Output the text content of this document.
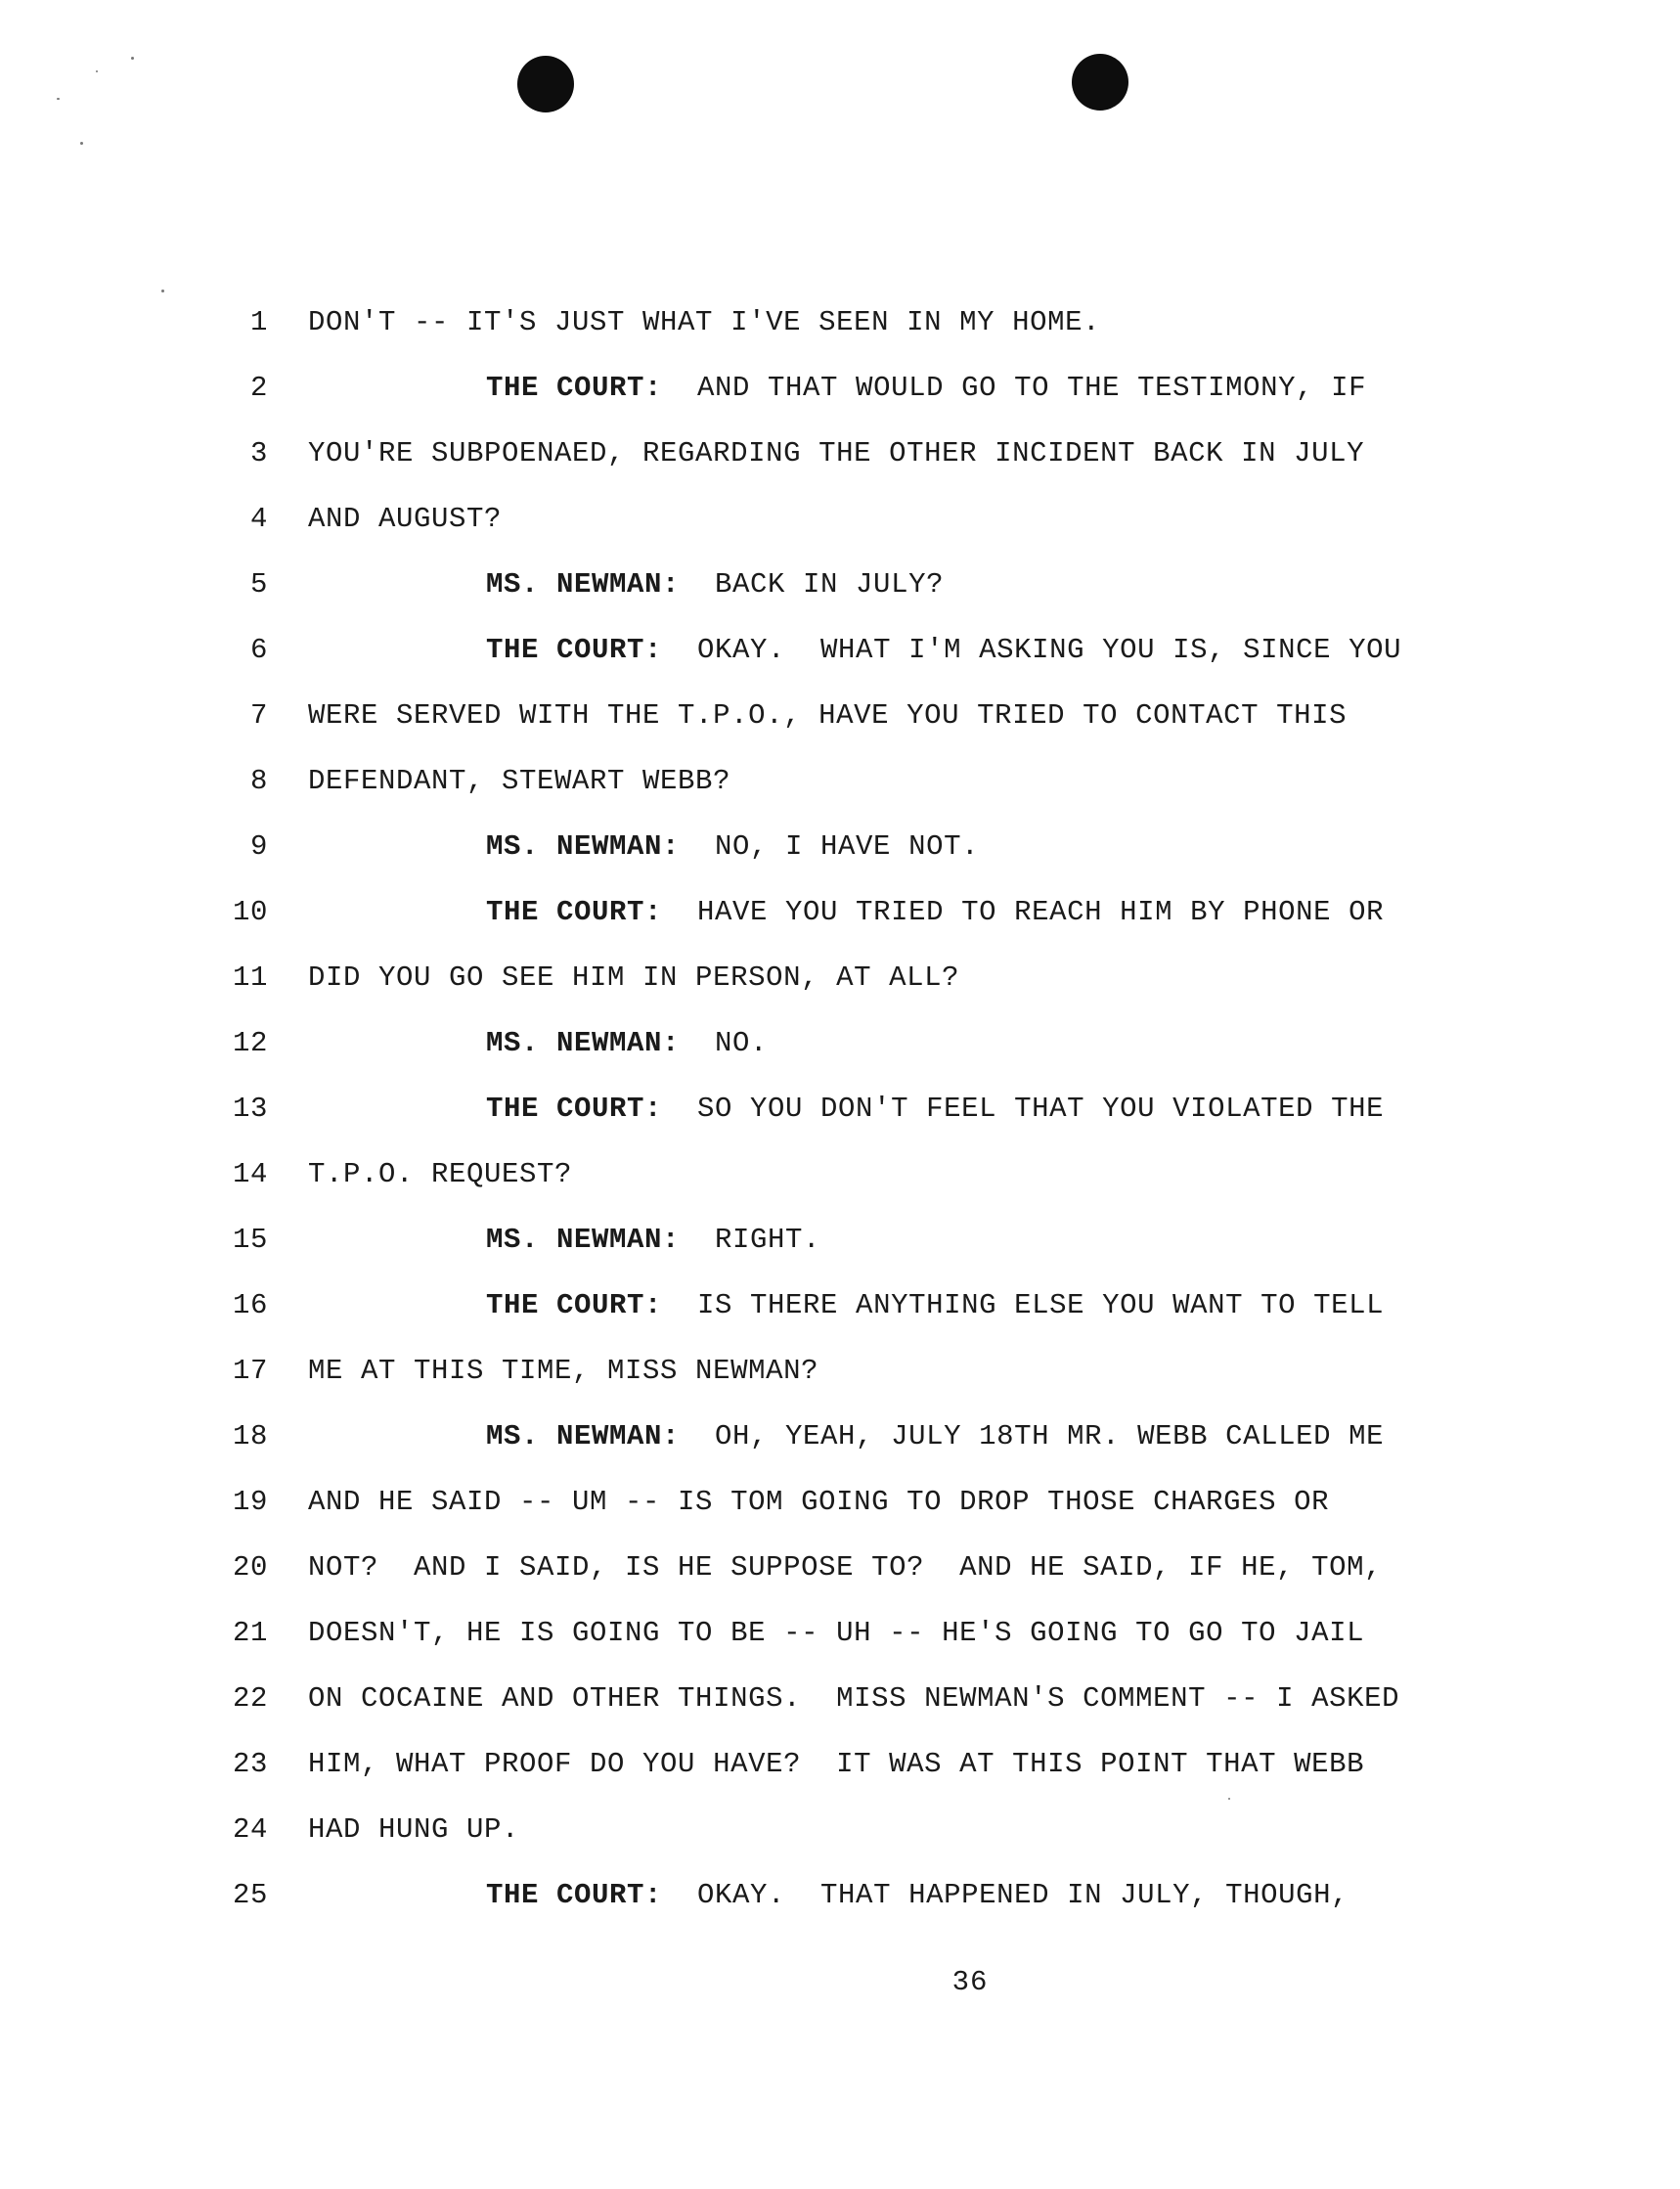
1 DON'T -- IT'S JUST WHAT I'VE SEEN IN MY HOME.
2	THE COURT:  AND THAT WOULD GO TO THE TESTIMONY, IF
3 YOU'RE SUBPOENAED, REGARDING THE OTHER INCIDENT BACK IN JULY
4 AND AUGUST?
5	MS. NEWMAN:  BACK IN JULY?
6	THE COURT:  OKAY.  WHAT I'M ASKING YOU IS, SINCE YOU
7 WERE SERVED WITH THE T.P.O., HAVE YOU TRIED TO CONTACT THIS
8 DEFENDANT, STEWART WEBB?
9	MS. NEWMAN:  NO, I HAVE NOT.
10	THE COURT:  HAVE YOU TRIED TO REACH HIM BY PHONE OR
11 DID YOU GO SEE HIM IN PERSON, AT ALL?
12	MS. NEWMAN:  NO.
13	THE COURT:  SO YOU DON'T FEEL THAT YOU VIOLATED THE
14 T.P.O. REQUEST?
15	MS. NEWMAN:  RIGHT.
16	THE COURT:  IS THERE ANYTHING ELSE YOU WANT TO TELL
17 ME AT THIS TIME, MISS NEWMAN?
18	MS. NEWMAN:  OH, YEAH, JULY 18TH MR. WEBB CALLED ME
19 AND HE SAID -- UM -- IS TOM GOING TO DROP THOSE CHARGES OR
20 NOT?  AND I SAID, IS HE SUPPOSE TO?  AND HE SAID, IF HE, TOM,
21 DOESN'T, HE IS GOING TO BE -- UH -- HE'S GOING TO GO TO JAIL
22 ON COCAINE AND OTHER THINGS.  MISS NEWMAN'S COMMENT -- I ASKED
23 HIM, WHAT PROOF DO YOU HAVE?  IT WAS AT THIS POINT THAT WEBB
24 HAD HUNG UP.
25	THE COURT:  OKAY.  THAT HAPPENED IN JULY, THOUGH,
36
